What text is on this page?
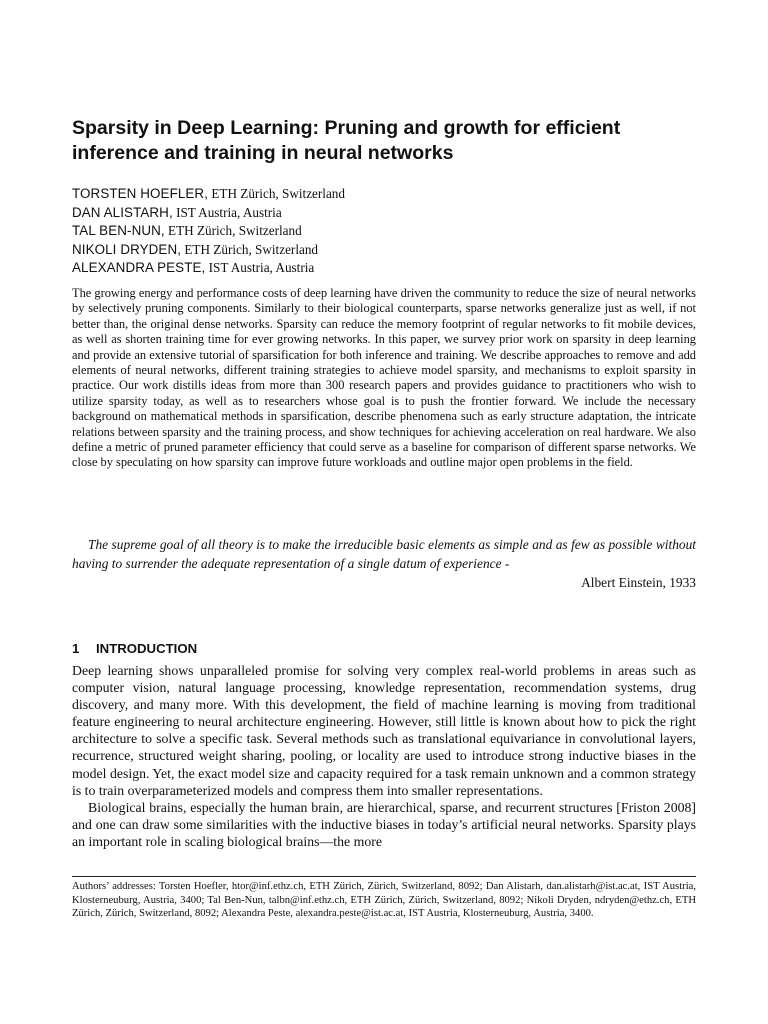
Sparsity in Deep Learning: Pruning and growth for efficient inference and training in neural networks
TORSTEN HOEFLER, ETH Zürich, Switzerland
DAN ALISTARH, IST Austria, Austria
TAL BEN-NUN, ETH Zürich, Switzerland
NIKOLI DRYDEN, ETH Zürich, Switzerland
ALEXANDRA PESTE, IST Austria, Austria

The growing energy and performance costs of deep learning have driven the community to reduce the size of neural networks by selectively pruning components. Similarly to their biological counterparts, sparse networks generalize just as well, if not better than, the original dense networks. Sparsity can reduce the memory footprint of regular networks to fit mobile devices, as well as shorten training time for ever growing networks. In this paper, we survey prior work on sparsity in deep learning and provide an extensive tutorial of sparsification for both inference and training. We describe approaches to remove and add elements of neural networks, different training strategies to achieve model sparsity, and mechanisms to exploit sparsity in practice. Our work distills ideas from more than 300 research papers and provides guidance to practitioners who wish to utilize sparsity today, as well as to researchers whose goal is to push the frontier forward. We include the necessary background on mathematical methods in sparsification, describe phenomena such as early structure adaptation, the intricate relations between sparsity and the training process, and show techniques for achieving acceleration on real hardware. We also define a metric of pruned parameter efficiency that could serve as a baseline for comparison of different sparse networks. We close by speculating on how sparsity can improve future workloads and outline major open problems in the field.

The supreme goal of all theory is to make the irreducible basic elements as simple and as few as possible without having to surrender the adequate representation of a single datum of experience -

Albert Einstein, 1933

1 INTRODUCTION

Deep learning shows unparalleled promise for solving very complex real-world problems in areas such as computer vision, natural language processing, knowledge representation, recommendation systems, drug discovery, and many more. With this development, the field of machine learning is moving from traditional feature engineering to neural architecture engineering. However, still little is known about how to pick the right architecture to solve a specific task. Several methods such as translational equivariance in convolutional layers, recurrence, structured weight sharing, pooling, or locality are used to introduce strong inductive biases in the model design. Yet, the exact model size and capacity required for a task remain unknown and a common strategy is to train overparameterized models and compress them into smaller representations.

Biological brains, especially the human brain, are hierarchical, sparse, and recurrent structures [Friston 2008] and one can draw some similarities with the inductive biases in today’s artificial neural networks. Sparsity plays an important role in scaling biological brains—the more

Authors’ addresses: Torsten Hoefler, htor@inf.ethz.ch, ETH Zürich, Zürich, Switzerland, 8092; Dan Alistarh, dan.alistarh@ist.ac.at, IST Austria, Klosterneuburg, Austria, 3400; Tal Ben-Nun, talbn@inf.ethz.ch, ETH Zürich, Zürich, Switzerland, 8092; Nikoli Dryden, ndryden@ethz.ch, ETH Zürich, Zürich, Switzerland, 8092; Alexandra Peste, alexandra.peste@ist.ac.at, IST Austria, Klosterneuburg, Austria, 3400.
